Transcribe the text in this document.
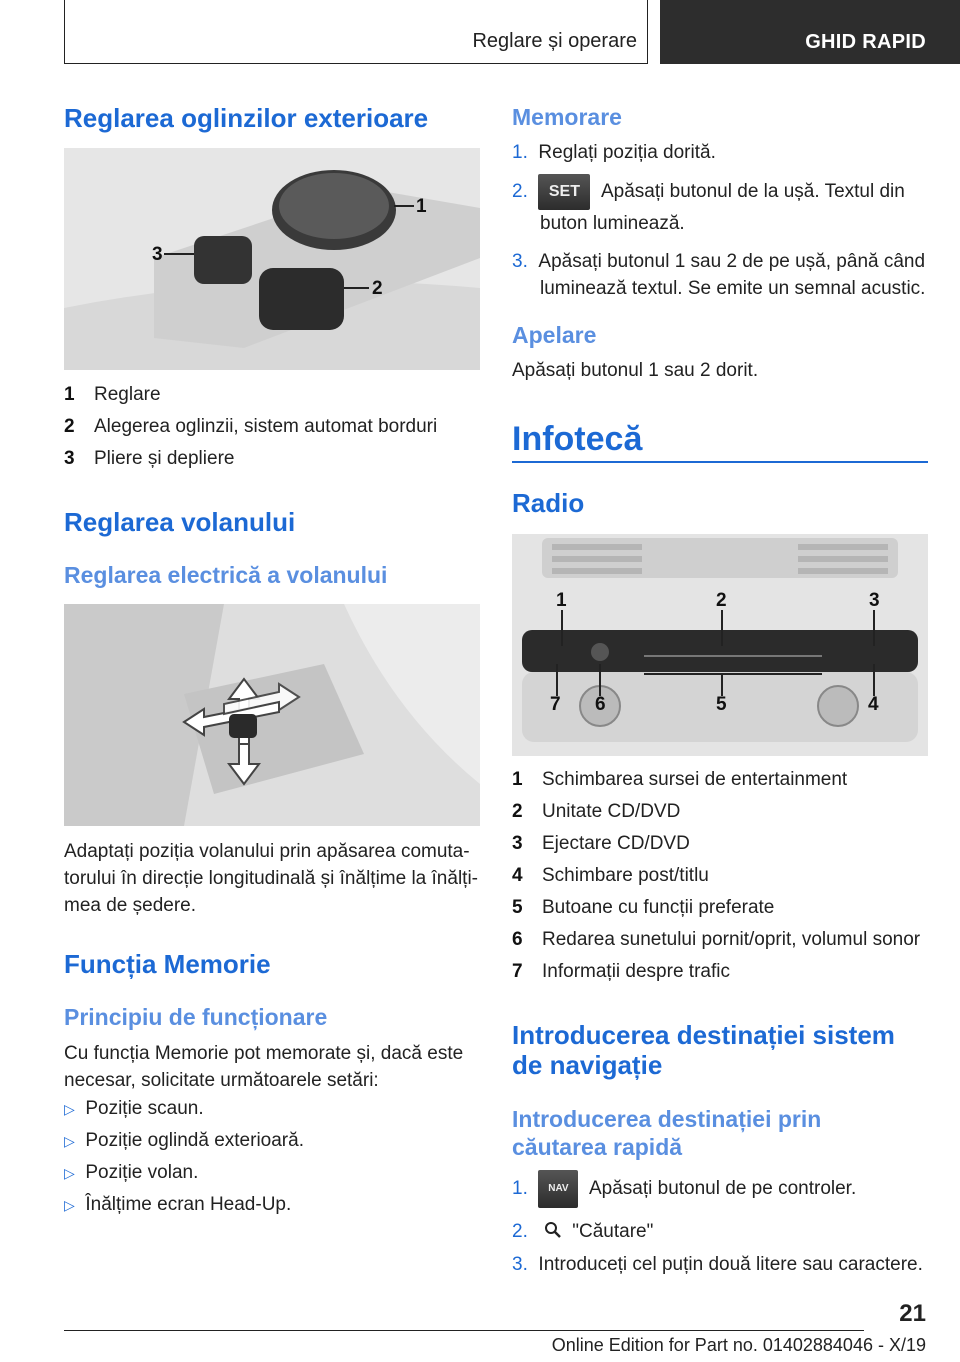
Reglare și operare	GHID RAPID
Reglarea oglinzilor exterioare
1
2
3
1	Reglare
2	Alegerea oglinzii, sistem automat borduri
3	Pliere și depliere
Reglarea volanului
Reglarea electrică a volanului
Adaptați poziția volanului prin apăsarea comuta-
torului în direcție longitudinală și înălțime la înălți-
mea de ședere.
Funcția Memorie
Principiu de funcționare
Cu funcția Memorie pot memorate și, dacă este
necesar, solicitate următoarele setări:
▷ Poziție scaun.
▷ Poziție oglindă exterioară.
▷ Poziție volan.
▷ Înălțime ecran Head-Up.
Memorare
1. Reglați poziția dorită.
2. SET Apăsați butonul de la ușă. Textul din
buton luminează.
3. Apăsați butonul 1 sau 2 de pe ușă, până când
luminează textul. Se emite un semnal acustic.
Apelare
Apăsați butonul 1 sau 2 dorit.
Infotecă
Radio
1	2	3
4
5
6
7
1	Schimbarea sursei de entertainment
2	Unitate CD/DVD
3	Ejectare CD/DVD
4	Schimbare post/titlu
5	Butoane cu funcții preferate
6	Redarea sunetului pornit/oprit, volumul sonor
7	Informații despre trafic
Introducerea destinației sistem
de navigație
Introducerea destinației prin
căutarea rapidă
1. NAV Apăsați butonul de pe controler.
2. "Căutare"
3. Introduceți cel puțin două litere sau caractere.
21
Online Edition for Part no. 01402884046 - X/19
